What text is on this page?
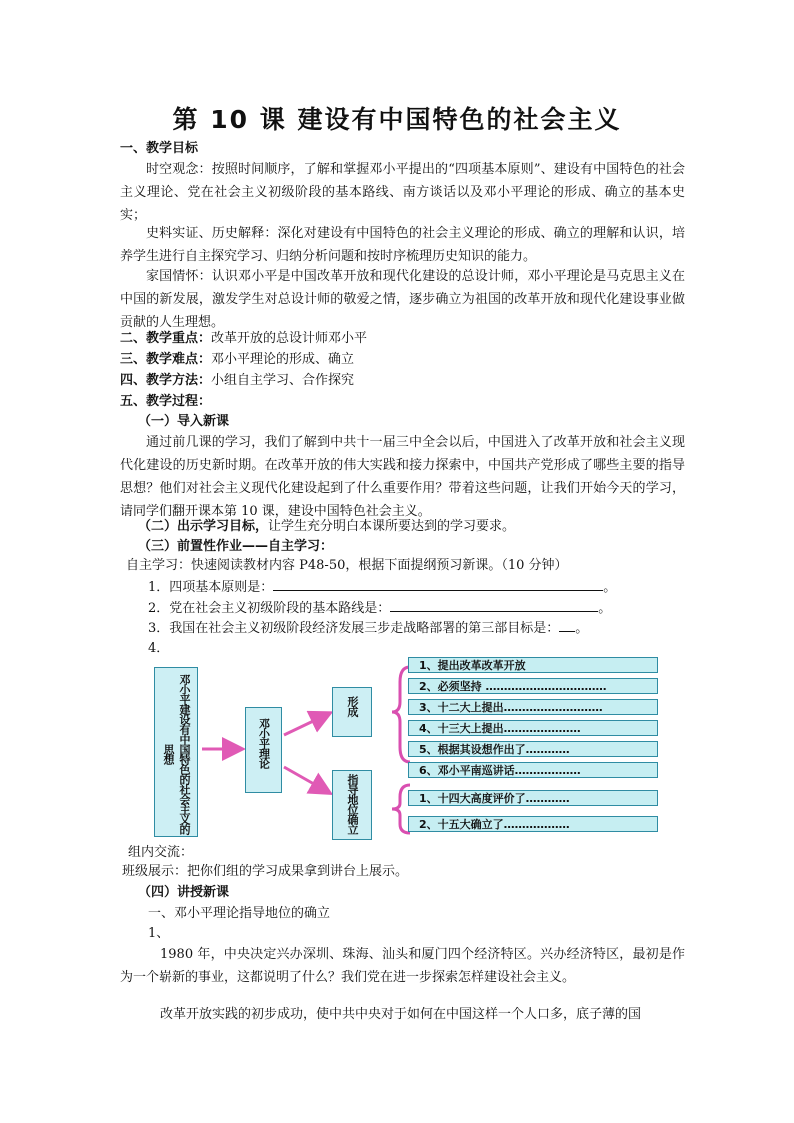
第 10 课 建设有中国特色的社会主义
一、教学目标
时空观念：按照时间顺序，了解和掌握邓小平提出的“四项基本原则”、建设有中国特色的社会主义理论、党在社会主义初级阶段的基本路线、南方谈话以及邓小平理论的形成、确立的基本史实；
史料实证、历史解释：深化对建设有中国特色的社会主义理论的形成、确立的理解和认识，培养学生进行自主探究学习、归纳分析问题和按时序梳理历史知识的能力。
家国情怀：认识邓小平是中国改革开放和现代化建设的总设计师，邓小平理论是马克思主义在中国的新发展，激发学生对总设计师的敬爱之情，逐步确立为祖国的改革开放和现代化建设事业做贡献的人生理想。
二、教学重点：改革开放的总设计师邓小平
三、教学难点：邓小平理论的形成、确立
四、教学方法：小组自主学习、合作探究
五、教学过程：
（一）导入新课
通过前几课的学习，我们了解到中共十一届三中全会以后，中国进入了改革开放和社会主义现代化建设的历史新时期。在改革开放的伟大实践和接力探索中，中国共产党形成了哪些主要的指导思想？他们对社会主义现代化建设起到了什么重要作用？带着这些问题，让我们开始今天的学习，请同学们翻开课本第 10 课，建设中国特色社会主义。
（二）出示学习目标，让学生充分明白本课所要达到的学习要求。
（三）前置性作业——自主学习：
自主学习：快速阅读教材内容 P48-50，根据下面提纲预习新课。（10 分钟）
1．四项基本原则是：	。
2．党在社会主义初级阶段的基本路线是：	。
3．我国在社会主义初级阶段经济发展三步走战略部署的第三部目标是： 。
4．
邓小平建设有中国特色的社会主义的思想	邓小平理论
形成
指导地位确立
1、提出改革改革开放
2、必须坚持 ……………………………
3、十二大上提出………………………
4、十三大上提出…………………
5、根据其设想作出了…………
6、邓小平南巡讲话………………
1、十四大高度评价了…………
2、十五大确立了………………
组内交流：
班级展示：把你们组的学习成果拿到讲台上展示。
（四）讲授新课
一、邓小平理论指导地位的确立
1、
1980 年，中央决定兴办深圳、珠海、汕头和厦门四个经济特区。兴办经济特区，最初是作为一个崭新的事业，这都说明了什么？我们党在进一步探索怎样建设社会主义。
改革开放实践的初步成功，使中共中央对于如何在中国这样一个人口多，底子薄的国
